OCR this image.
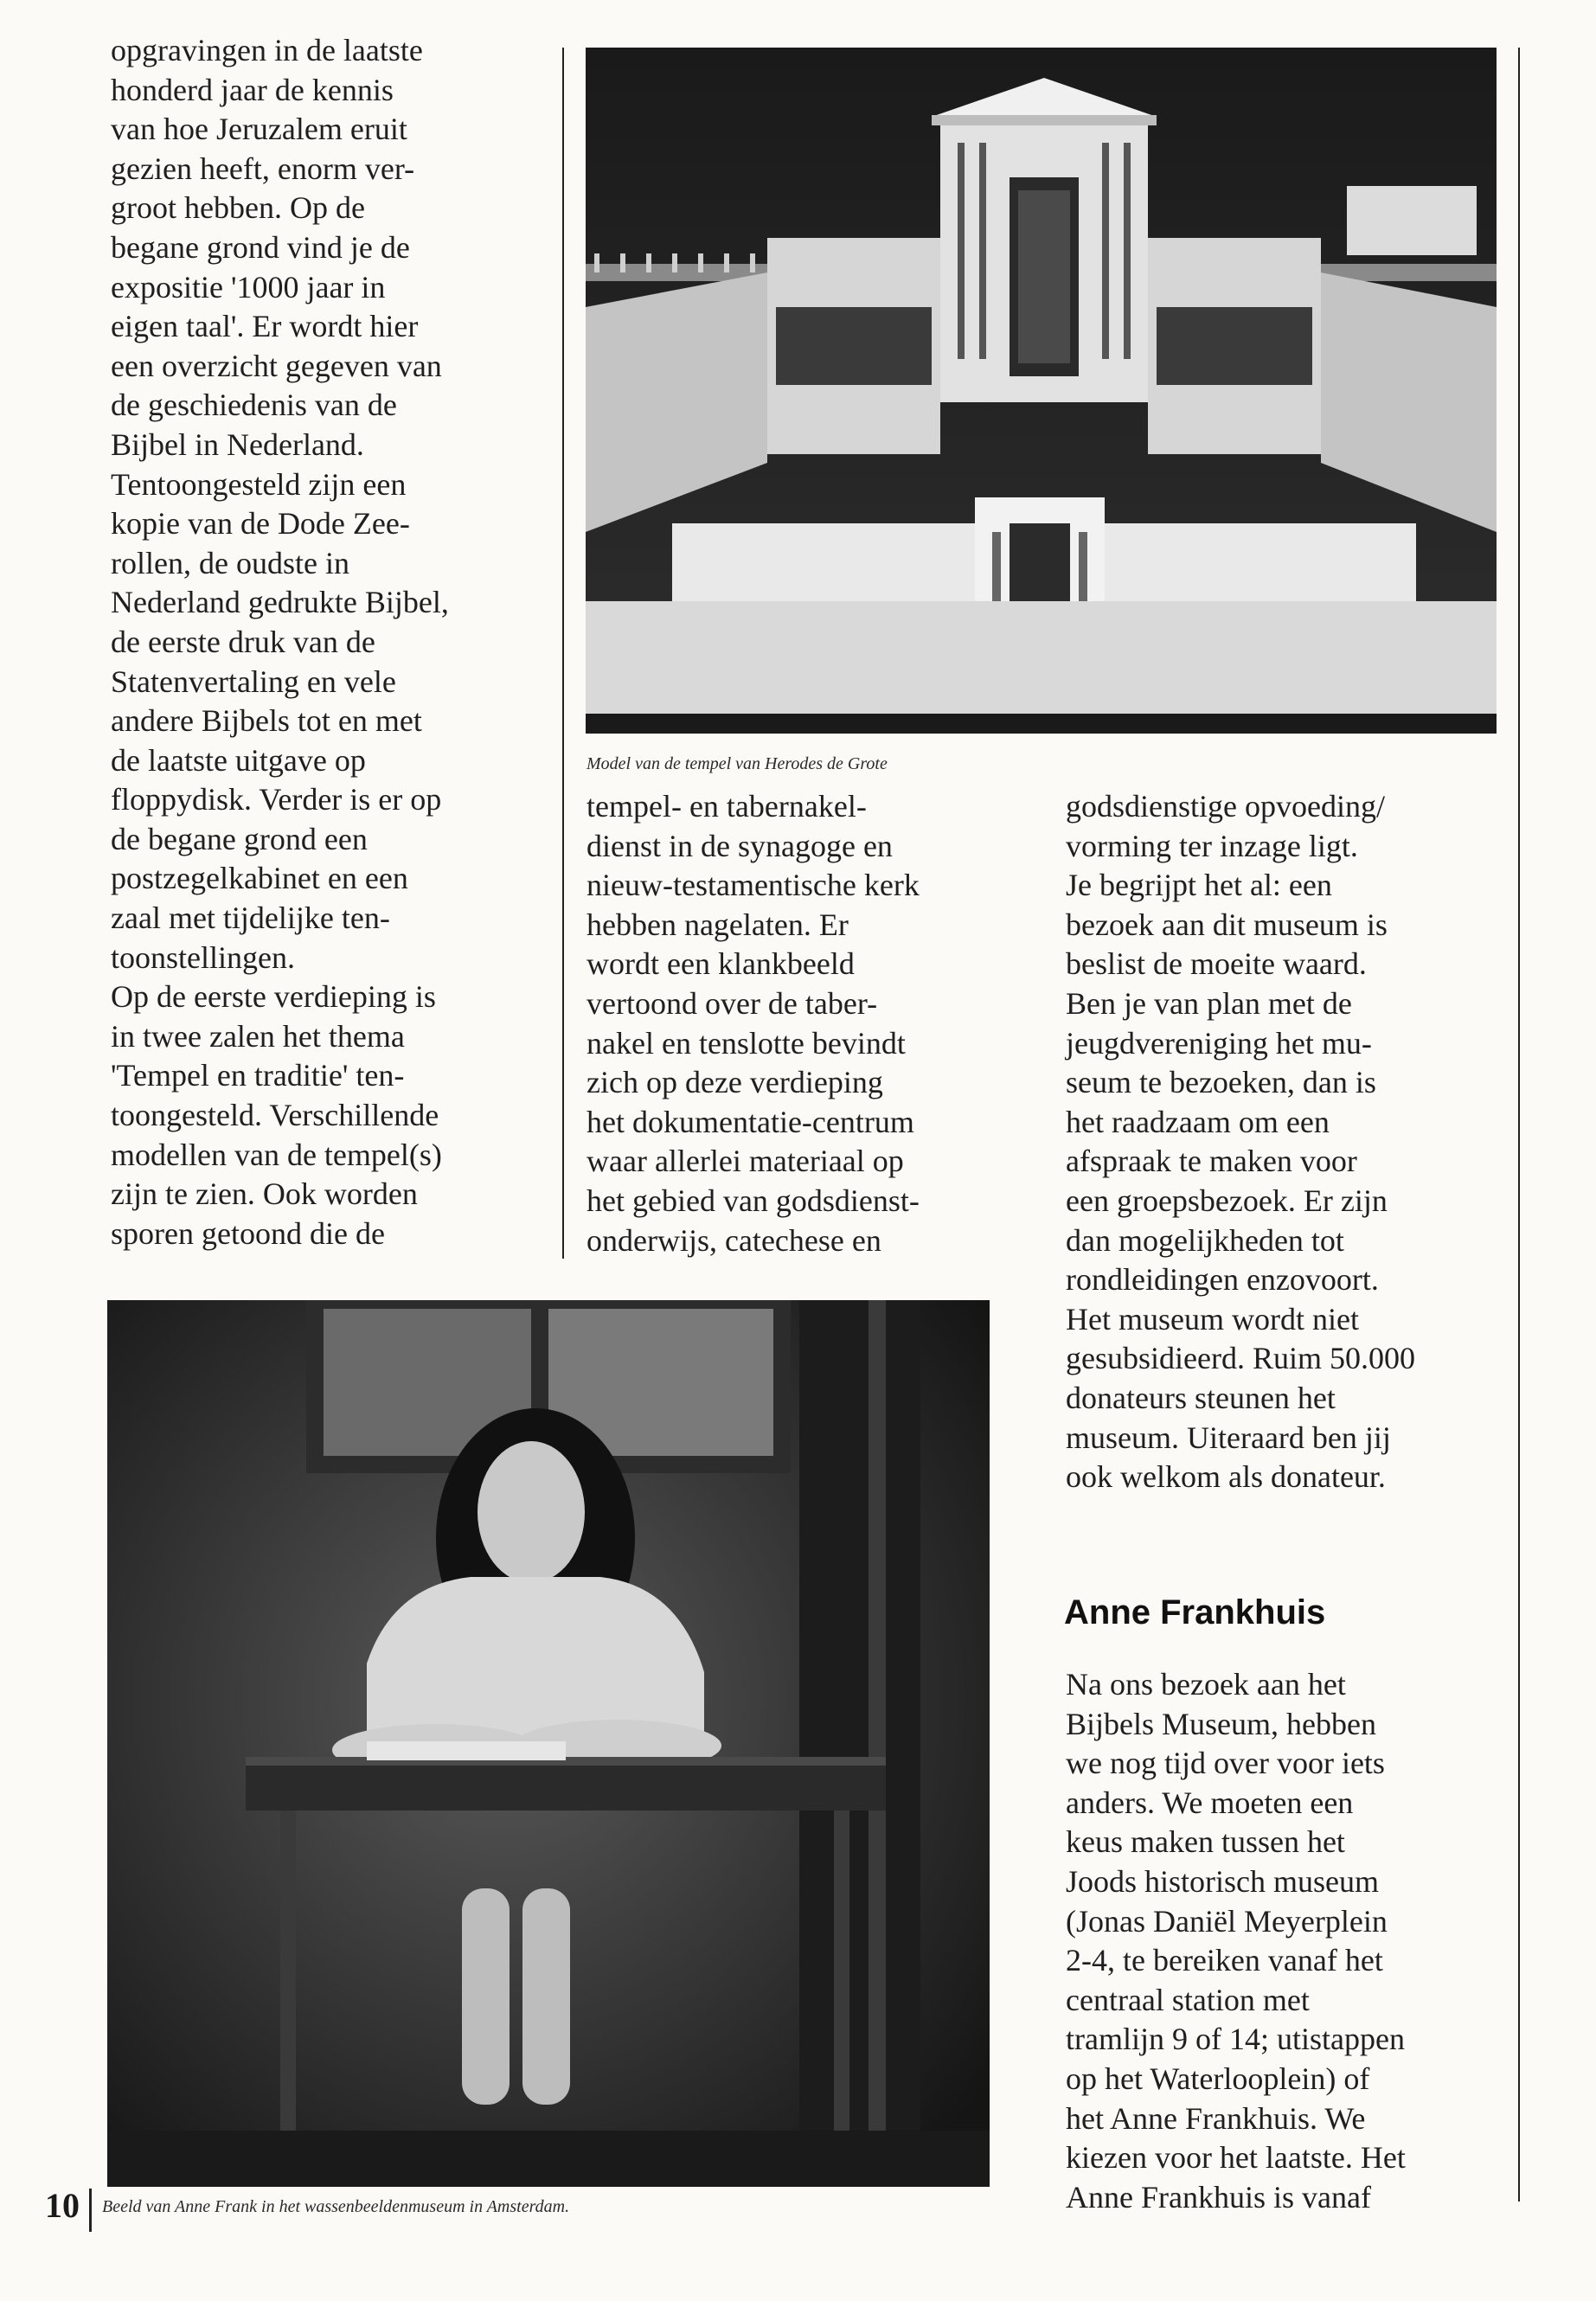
10
opgravingen in de laatste
honderd jaar de kennis
van hoe Jeruzalem eruit
gezien heeft, enorm ver-
groot hebben. Op de
begane grond vind je de
expositie '1000 jaar in
eigen taal'. Er wordt hier
een overzicht gegeven van
de geschiedenis van de
Bijbel in Nederland.
Tentoongesteld zijn een
kopie van de Dode Zee-
rollen, de oudste in
Nederland gedrukte Bijbel,
de eerste druk van de
Statenvertaling en vele
andere Bijbels tot en met
de laatste uitgave op
floppydisk. Verder is er op
de begane grond een
postzegelkabinet en een
zaal met tijdelijke ten-
toonstellingen.
Op de eerste verdieping is
in twee zalen het thema
'Tempel en traditie' ten-
toongesteld. Verschillende
modellen van de tempel(s)
zijn te zien. Ook worden
sporen getoond die de
tempel- en tabernakel-
dienst in de synagoge en
nieuw-testamentische kerk
hebben nagelaten. Er
wordt een klankbeeld
vertoond over de taber-
nakel en tenslotte bevindt
zich op deze verdieping
het dokumentatie-centrum
waar allerlei materiaal op
het gebied van godsdienst-
onderwijs, catechese en
godsdienstige opvoeding/
vorming ter inzage ligt.
Je begrijpt het al: een
bezoek aan dit museum is
beslist de moeite waard.
Ben je van plan met de
jeugdvereniging het mu-
seum te bezoeken, dan is
het raadzaam om een
afspraak te maken voor
een groepsbezoek. Er zijn
dan mogelijkheden tot
rondleidingen enzovoort.
Het museum wordt niet
gesubsidieerd. Ruim 50.000
donateurs steunen het
museum. Uiteraard ben jij
ook welkom als donateur.
Anne Frankhuis
Na ons bezoek aan het
Bijbels Museum, hebben
we nog tijd over voor iets
anders. We moeten een
keus maken tussen het
Joods historisch museum
(Jonas Daniël Meyerplein
2-4, te bereiken vanaf het
centraal station met
tramlijn 9 of 14; utistappen
op het Waterlooplein) of
het Anne Frankhuis. We
kiezen voor het laatste. Het
Anne Frankhuis is vanaf
Model van de tempel van Herodes de Grote
Beeld van Anne Frank in het wassenbeeldenmuseum in Amsterdam.
